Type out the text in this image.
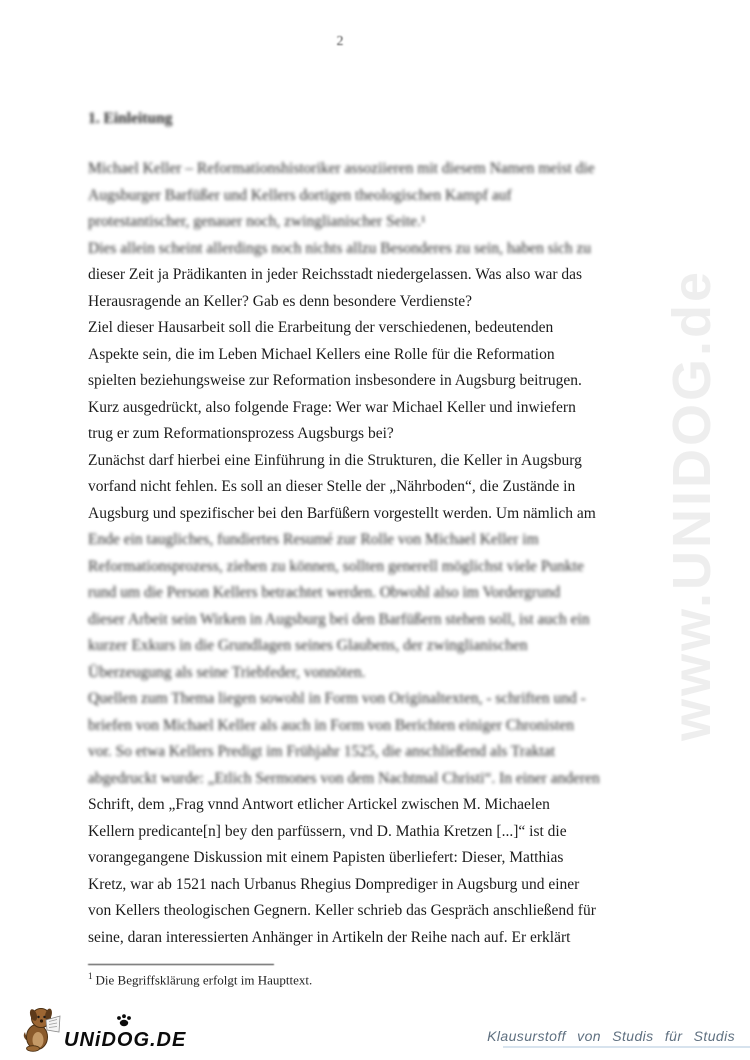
www.UNIDOG.de
2
1. Einleitung
Michael Keller – Reformationshistoriker assoziieren mit diesem Namen meist die
Augsburger Barfüßer und Kellers dortigen theologischen Kampf auf
protestantischer, genauer noch, zwinglianischer Seite.¹
Dies allein scheint allerdings noch nichts allzu Besonderes zu sein, haben sich zu
dieser Zeit ja Prädikanten in jeder Reichsstadt niedergelassen. Was also war das
Herausragende an Keller? Gab es denn besondere Verdienste?
Ziel dieser Hausarbeit soll die Erarbeitung der verschiedenen, bedeutenden
Aspekte sein, die im Leben Michael Kellers eine Rolle für die Reformation
spielten beziehungsweise zur Reformation insbesondere in Augsburg beitrugen.
Kurz ausgedrückt, also folgende Frage: Wer war Michael Keller und inwiefern
trug er zum Reformationsprozess Augsburgs bei?
Zunächst darf hierbei eine Einführung in die Strukturen, die Keller in Augsburg
vorfand nicht fehlen. Es soll an dieser Stelle der „Nährboden“, die Zustände in
Augsburg und spezifischer bei den Barfüßern vorgestellt werden. Um nämlich am
Ende ein taugliches, fundiertes Resumé zur Rolle von Michael Keller im
Reformationsprozess, ziehen zu können, sollten generell möglichst viele Punkte
rund um die Person Kellers betrachtet werden. Obwohl also im Vordergrund
dieser Arbeit sein Wirken in Augsburg bei den Barfüßern stehen soll, ist auch ein
kurzer Exkurs in die Grundlagen seines Glaubens, der zwinglianischen
Überzeugung als seine Triebfeder, vonnöten.
Quellen zum Thema liegen sowohl in Form von Originaltexten, - schriften und -
briefen von Michael Keller als auch in Form von Berichten einiger Chronisten
vor. So etwa Kellers Predigt im Frühjahr 1525, die anschließend als Traktat
abgedruckt wurde: „Etlich Sermones von dem Nachtmal Christi“. In einer anderen
Schrift, dem „Frag vnnd Antwort etlicher Artickel zwischen M. Michaelen
Kellern predicante[n] bey den parfüssern, vnd D. Mathia Kretzen [...]“ ist die
vorangegangene Diskussion mit einem Papisten überliefert: Dieser, Matthias
Kretz, war ab 1521 nach Urbanus Rhegius Domprediger in Augsburg und einer
von Kellers theologischen Gegnern. Keller schrieb das Gespräch anschließend für
seine, daran interessierten Anhänger in Artikeln der Reihe nach auf. Er erklärt
$^1$ Die Begriffsklärung erfolgt im Haupttext.
UNiDOG.DE	Klausurstoff von Studis für Studis
